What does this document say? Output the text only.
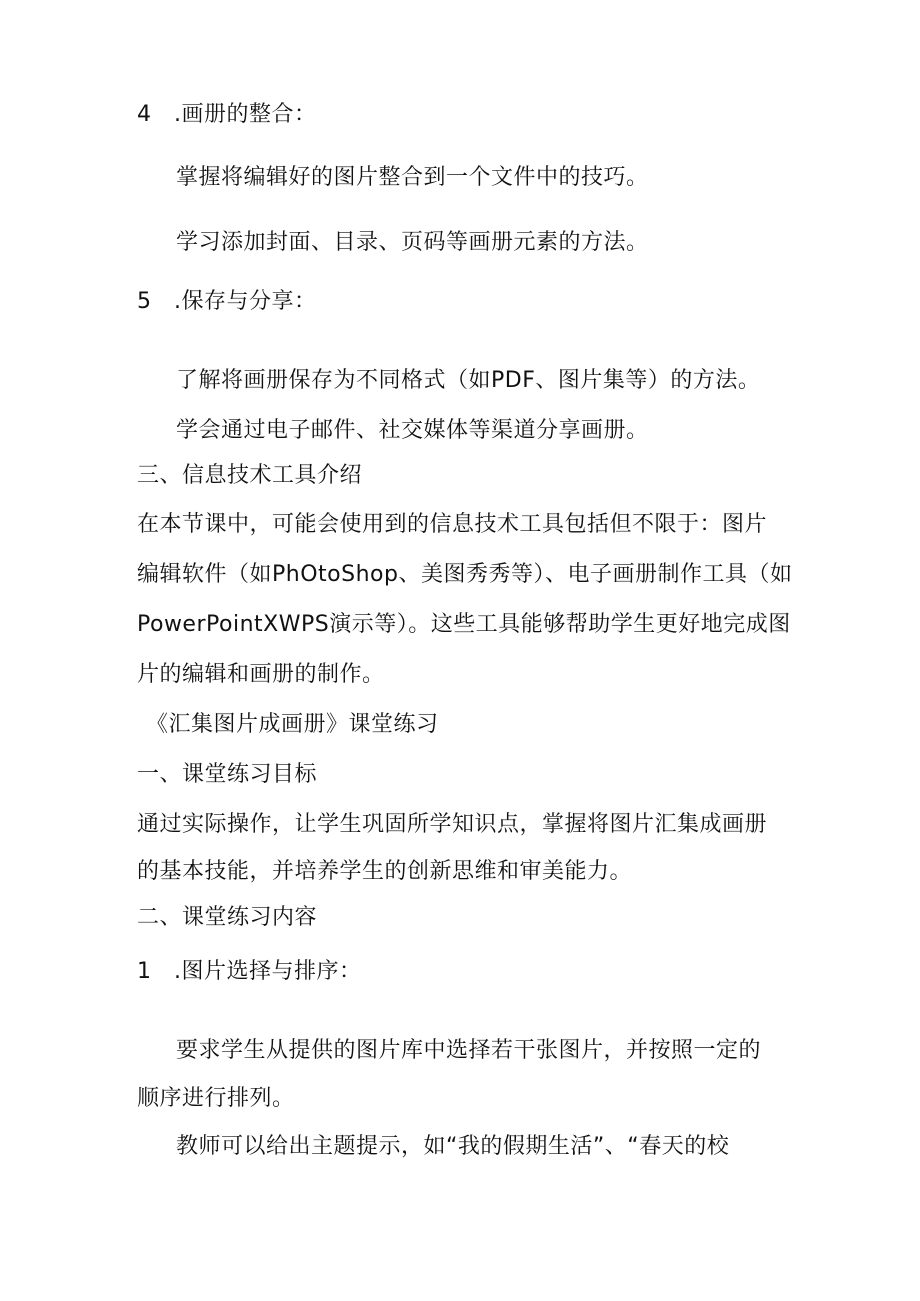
4　.画册的整合：
掌握将编辑好的图片整合到一个文件中的技巧。
学习添加封面、目录、页码等画册元素的方法。
5　.保存与分享：
了解将画册保存为不同格式（如PDF、图片集等）的方法。
学会通过电子邮件、社交媒体等渠道分享画册。
三、信息技术工具介绍
在本节课中，可能会使用到的信息技术工具包括但不限于：图片
编辑软件（如PhOtoShop、美图秀秀等）、电子画册制作工具（如
PowerPointXWPS演示等）。这些工具能够帮助学生更好地完成图
片的编辑和画册的制作。
《汇集图片成画册》课堂练习
一、课堂练习目标
通过实际操作，让学生巩固所学知识点，掌握将图片汇集成画册
的基本技能，并培养学生的创新思维和审美能力。
二、课堂练习内容
1　.图片选择与排序：
要求学生从提供的图片库中选择若干张图片，并按照一定的
顺序进行排列。
教师可以给出主题提示，如“我的假期生活”、“春天的校
